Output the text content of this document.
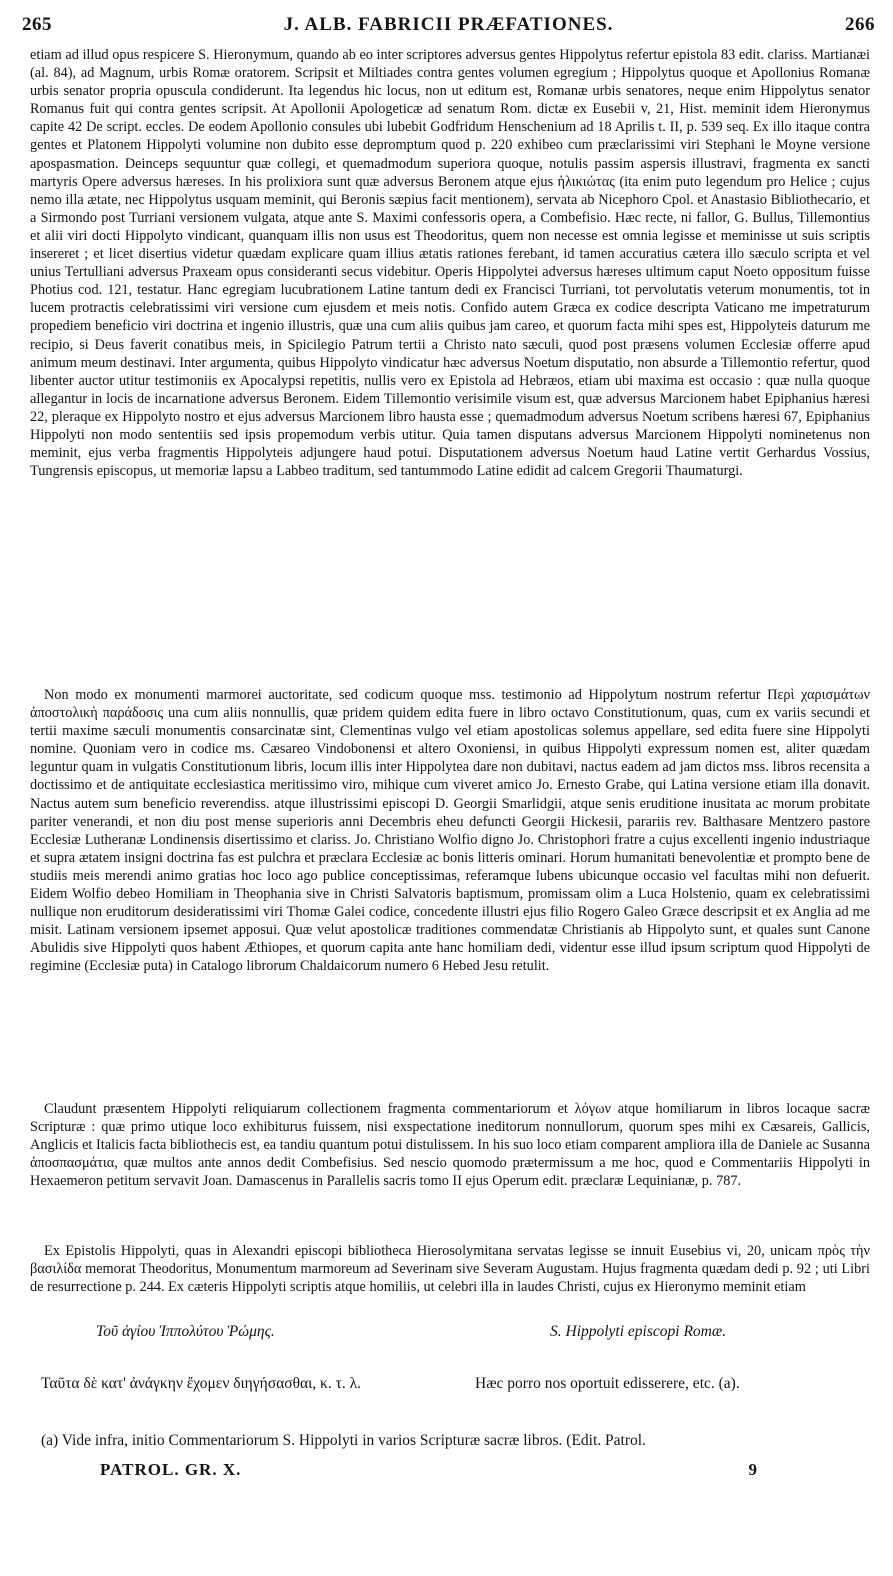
265	J. ALB. FABRICII PRÆFATIONES.	266

etiam ad illud opus respicere S. Hieronymum, quando ab eo inter scriptores adversus gentes Hippolytus refertur epistola 83 edit. clariss. Martianæi (al. 84), ad Magnum, urbis Romæ oratorem. Scripsit et Miltiades contra gentes volumen egregium ; Hippolytus quoque et Apollonius Romanæ urbis senator propria opuscula condiderunt. Ita legendus hic locus, non ut editum est, Romanæ urbis senatores, neque enim Hippolytus senator Romanus fuit qui contra gentes scripsit. At Apollonii Apologeticæ ad senatum Rom. dictæ ex Eusebii v, 21, Hist. meminit idem Hieronymus capite 42 De script. eccles. De eodem Apollonio consules ubi lubebit Godfridum Henschenium ad 18 Aprilis t. II, p. 539 seq. Ex illo itaque contra gentes et Platonem Hippolyti volumine non dubito esse depromptum quod p. 220 exhibeo cum præclarissimi viri Stephani le Moyne versione apospasmation. Deinceps sequuntur quæ collegi, et quemadmodum superiora quoque, notulis passim aspersis illustravi, fragmenta ex sancti martyris Opere adversus hæreses. In his prolixiora sunt quæ adversus Beronem atque ejus ἡλικιώτας (ita enim puto legendum pro Helice ; cujus nemo illa ætate, nec Hippolytus usquam meminit, qui Beronis sæpius facit mentionem), servata ab Nicephoro Cpol. et Anastasio Bibliothecario, et a Sirmondo post Turriani versionem vulgata, atque ante S. Maximi confessoris opera, a Combefisio. Hæc recte, ni fallor, G. Bullus, Tillemontius et alii viri docti Hippolyto vindicant, quanquam illis non usus est Theodoritus, quem non necesse est omnia legisse et meminisse ut suis scriptis insereret ; et licet disertius videtur quædam explicare quam illius ætatis rationes ferebant, id tamen accuratius cætera illo sæculo scripta et vel unius Tertulliani adversus Praxeam opus consideranti secus videbitur. Operis Hippolytei adversus hæreses ultimum caput Noeto oppositum fuisse Photius cod. 121, testatur. Hanc egregiam lucubrationem Latine tantum dedi ex Francisci Turriani, tot pervolutatis veterum monumentis, tot in lucem protractis celebratissimi viri versione cum ejusdem et meis notis. Confido autem Græca ex codice descripta Vaticano me impetraturum propediem beneficio viri doctrina et ingenio illustris, quæ una cum aliis quibus jam careo, et quorum facta mihi spes est, Hippolyteis daturum me recipio, si Deus faverit conatibus meis, in Spicilegio Patrum tertii a Christo nato sæculi, quod post præsens volumen Ecclesiæ offerre apud animum meum destinavi. Inter argumenta, quibus Hippolyto vindicatur hæc adversus Noetum disputatio, non absurde a Tillemontio refertur, quod libenter auctor utitur testimoniis ex Apocalypsi repetitis, nullis vero ex Epistola ad Hebræos, etiam ubi maxima est occasio : quæ nulla quoque allegantur in locis de incarnatione adversus Beronem. Eidem Tillemontio verisimile visum est, quæ adversus Marcionem habet Epiphanius hæresi 22, pleraque ex Hippolyto nostro et ejus adversus Marcionem libro hausta esse ; quemadmodum adversus Noetum scribens hæresi 67, Epiphanius Hippolyti non modo sententiis sed ipsis propemodum verbis utitur. Quia tamen disputans adversus Marcionem Hippolyti nominetenus non meminit, ejus verba fragmentis Hippolyteis adjungere haud potui. Disputationem adversus Noetum haud Latine vertit Gerhardus Vossius, Tungrensis episcopus, ut memoriæ lapsu a Labbeo traditum, sed tantummodo Latine edidit ad calcem Gregorii Thaumaturgi.

Non modo ex monumenti marmorei auctoritate, sed codicum quoque mss. testimonio ad Hippolytum nostrum refertur Περὶ χαρισμάτων ἀποστολικὴ παράδοσις una cum aliis nonnullis, quæ pridem quidem edita fuere in libro octavo Constitutionum, quas, cum ex variis secundi et tertii maxime sæculi monumentis consarcinatæ sint, Clementinas vulgo vel etiam apostolicas solemus appellare, sed edita fuere sine Hippolyti nomine. Quoniam vero in codice ms. Cæsareo Vindobonensi et altero Oxoniensi, in quibus Hippolyti expressum nomen est, aliter quædam leguntur quam in vulgatis Constitutionum libris, locum illis inter Hippolytea dare non dubitavi, nactus eadem ad jam dictos mss. libros recensita a doctissimo et de antiquitate ecclesiastica meritissimo viro, mihique cum viveret amico Jo. Ernesto Grabe, qui Latina versione etiam illa donavit. Nactus autem sum beneficio reverendiss. atque illustrissimi episcopi D. Georgii Smarlidgii, atque senis eruditione inusitata ac morum probitate pariter venerandi, et non diu post mense superioris anni Decembris eheu defuncti Georgii Hickesii, parariis rev. Balthasare Mentzero pastore Ecclesiæ Lutheranæ Londinensis disertissimo et clariss. Jo. Christiano Wolfio digno Jo. Christophori fratre a cujus excellenti ingenio industriaque et supra ætatem insigni doctrina fas est pulchra et præclara Ecclesiæ ac bonis litteris ominari. Horum humanitati benevolentiæ et prompto bene de studiis meis merendi animo gratias hoc loco ago publice conceptissimas, referamque lubens ubicunque occasio vel facultas mihi non defuerit. Eidem Wolfio debeo Homiliam in Theophania sive in Christi Salvatoris baptismum, promissam olim a Luca Holstenio, quam ex celebratissimi nullique non eruditorum desideratissimi viri Thomæ Galei codice, concedente illustri ejus filio Rogero Galeo Græce descripsit et ex Anglia ad me misit. Latinam versionem ipsemet apposui. Quæ velut apostolicæ traditiones commendatæ Christianis ab Hippolyto sunt, et quales sunt Canone Abulidis sive Hippolyti quos habent Æthiopes, et quorum capita ante hanc homiliam dedi, videntur esse illud ipsum scriptum quod Hippolyti de regimine (Ecclesiæ puta) in Catalogo librorum Chaldaicorum numero 6 Hebed Jesu retulit.

Claudunt præsentem Hippolyti reliquiarum collectionem fragmenta commentariorum et λόγων atque homiliarum in libros locaque sacræ Scripturæ : quæ primo utique loco exhibiturus fuissem, nisi exspectatione ineditorum nonnullorum, quorum spes mihi ex Cæsareis, Gallicis, Anglicis et Italicis facta bibliothecis est, ea tandiu quantum potui distulissem. In his suo loco etiam comparent ampliora illa de Daniele ac Susanna ἀποσπασμάτια, quæ multos ante annos dedit Combefisius. Sed nescio quomodo prætermissum a me hoc, quod e Commentariis Hippolyti in Hexaemeron petitum servavit Joan. Damascenus in Parallelis sacris tomo II ejus Operum edit. præclaræ Lequinianæ, p. 787.

Ex Epistolis Hippolyti, quas in Alexandri episcopi bibliotheca Hierosolymitana servatas legisse se innuit Eusebius vi, 20, unicam πρὸς τὴν βασιλίδα memorat Theodoritus, Monumentum marmoreum ad Severinam sive Severam Augustam. Hujus fragmenta quædam dedi p. 92 ; uti Libri de resurrectione p. 244. Ex cæteris Hippolyti scriptis atque homiliis, ut celebri illa in laudes Christi, cujus ex Hieronymo meminit etiam

Τοῦ ἁγίου Ἱππολύτου Ῥώμης.	S. Hippolyti episcopi Romæ.
Ταῦτα δὲ κατ' ἀνάγκην ἔχομεν διηγήσασθαι, κ. τ. λ.	Hæc porro nos oportuit edisserere, etc. (a).
(a) Vide infra, initio Commentariorum S. Hippolyti in varios Scripturæ sacræ libros. (Edit. Patrol.
PATROL. GR. X.	9
